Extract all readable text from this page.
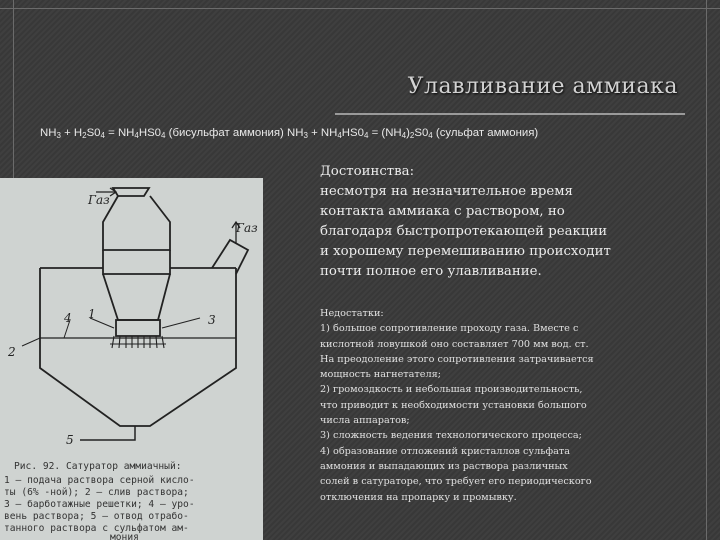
Улавливание аммиака
$NH_3 + H_2S0_4 = NH_4HS0_4$ (бисульфат аммония) $NH_3 + NH_4HS0_4 = (NH_4)_2S0_4$ (сульфат аммония)
Газ
Газ
1
2
3
4
5
Рис. 92. Сатуратор аммиачный:
1 — подача раствора серной кисло-
ты (6% -ной); 2 — слив раствора;
3 — барботажные решетки; 4 — уро-
вень раствора; 5 — отвод отрабо-
танного раствора с сульфатом ам-
мония
Достоинства:
несмотря на незначительное время
контакта аммиака с раствором, но
благодаря быстропротекающей реакции
и хорошему перемешиванию происходит
почти полное его улавливание.
Недостатки:
1) большое сопротивление проходу газа. Вместе с
кислотной ловушкой оно составляет 700 мм вод. ст.
На преодоление этого сопротивления затрачивается
мощность нагнетателя;
2) громоздкость и небольшая производительность,
что приводит к необходимости установки большого
числа аппаратов;
3) сложность ведения технологического процесса;
4) образование отложений кристаллов сульфата
аммония и выпадающих из раствора различных
солей в сатураторе, что требует его периодического
отключения на пропарку и промывку.
